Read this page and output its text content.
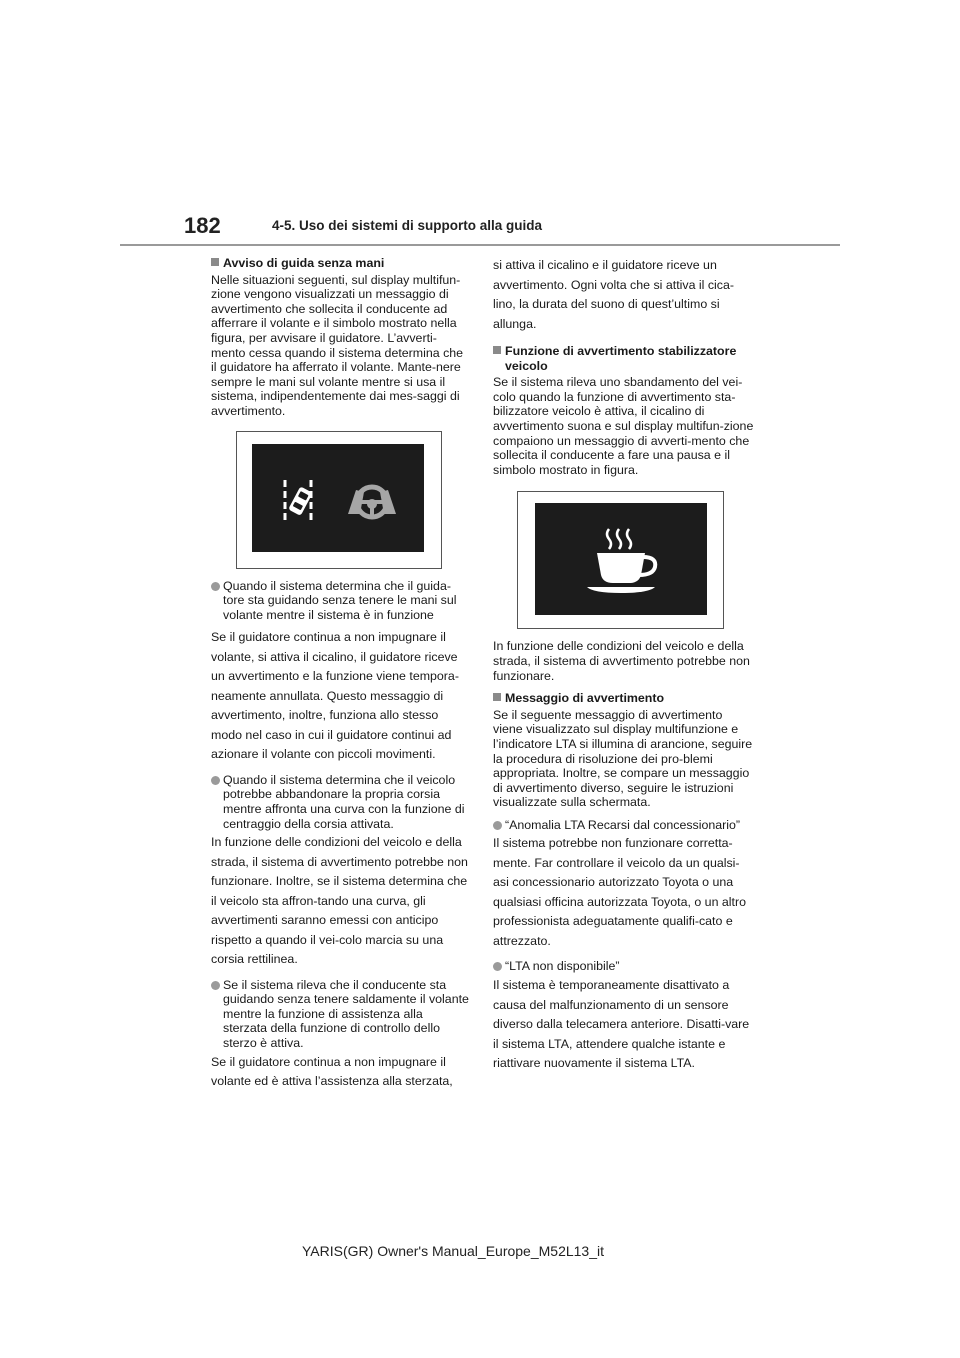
182	4-5. Uso dei sistemi di supporto alla guida
Avviso di guida senza mani
Nelle situazioni seguenti, sul display multifun-zione vengono visualizzati un messaggio di avvertimento che sollecita il conducente ad afferrare il volante e il simbolo mostrato nella figura, per avvisare il guidatore. L’avverti-mento cessa quando il sistema determina che il guidatore ha afferrato il volante. Mante-nere sempre le mani sul volante mentre si usa il sistema, indipendentemente dai mes-saggi di avvertimento.
Quando il sistema determina che il guida-tore sta guidando senza tenere le mani sul volante mentre il sistema è in funzione
Se il guidatore continua a non impugnare il volante, si attiva il cicalino, il guidatore riceve un avvertimento e la funzione viene tempora-neamente annullata. Questo messaggio di avvertimento, inoltre, funziona allo stesso modo nel caso in cui il guidatore continui ad azionare il volante con piccoli movimenti.
Quando il sistema determina che il veicolo potrebbe abbandonare la propria corsia mentre affronta una curva con la funzione di centraggio della corsia attivata.
In funzione delle condizioni del veicolo e della strada, il sistema di avvertimento potrebbe non funzionare. Inoltre, se il sistema determina che il veicolo sta affron-tando una curva, gli avvertimenti saranno emessi con anticipo rispetto a quando il vei-colo marcia su una corsia rettilinea.
Se il sistema rileva che il conducente sta guidando senza tenere saldamente il volante mentre la funzione di assistenza alla sterzata della funzione di controllo dello sterzo è attiva.
Se il guidatore continua a non impugnare il volante ed è attiva l’assistenza alla sterzata,
si attiva il cicalino e il guidatore riceve un avvertimento. Ogni volta che si attiva il cica-lino, la durata del suono di quest’ultimo si allunga.
Funzione di avvertimento stabilizzatore veicolo
Se il sistema rileva uno sbandamento del vei-colo quando la funzione di avvertimento sta-bilizzatore veicolo è attiva, il cicalino di avvertimento suona e sul display multifun-zione compaiono un messaggio di avverti-mento che sollecita il conducente a fare una pausa e il simbolo mostrato in figura.
In funzione delle condizioni del veicolo e della strada, il sistema di avvertimento potrebbe non funzionare.
Messaggio di avvertimento
Se il seguente messaggio di avvertimento viene visualizzato sul display multifunzione e l’indicatore LTA si illumina di arancione, seguire la procedura di risoluzione dei pro-blemi appropriata. Inoltre, se compare un messaggio di avvertimento diverso, seguire le istruzioni visualizzate sulla schermata.
“Anomalia LTA Recarsi dal concessionario”
Il sistema potrebbe non funzionare corretta-mente. Far controllare il veicolo da un qualsi-asi concessionario autorizzato Toyota o una qualsiasi officina autorizzata Toyota, o un altro professionista adeguatamente qualifi-cato e attrezzato.
“LTA non disponibile”
Il sistema è temporaneamente disattivato a causa del malfunzionamento di un sensore diverso dalla telecamera anteriore. Disatti-vare il sistema LTA, attendere qualche istante e riattivare nuovamente il sistema LTA.
YARIS(GR) Owner's Manual_Europe_M52L13_it
